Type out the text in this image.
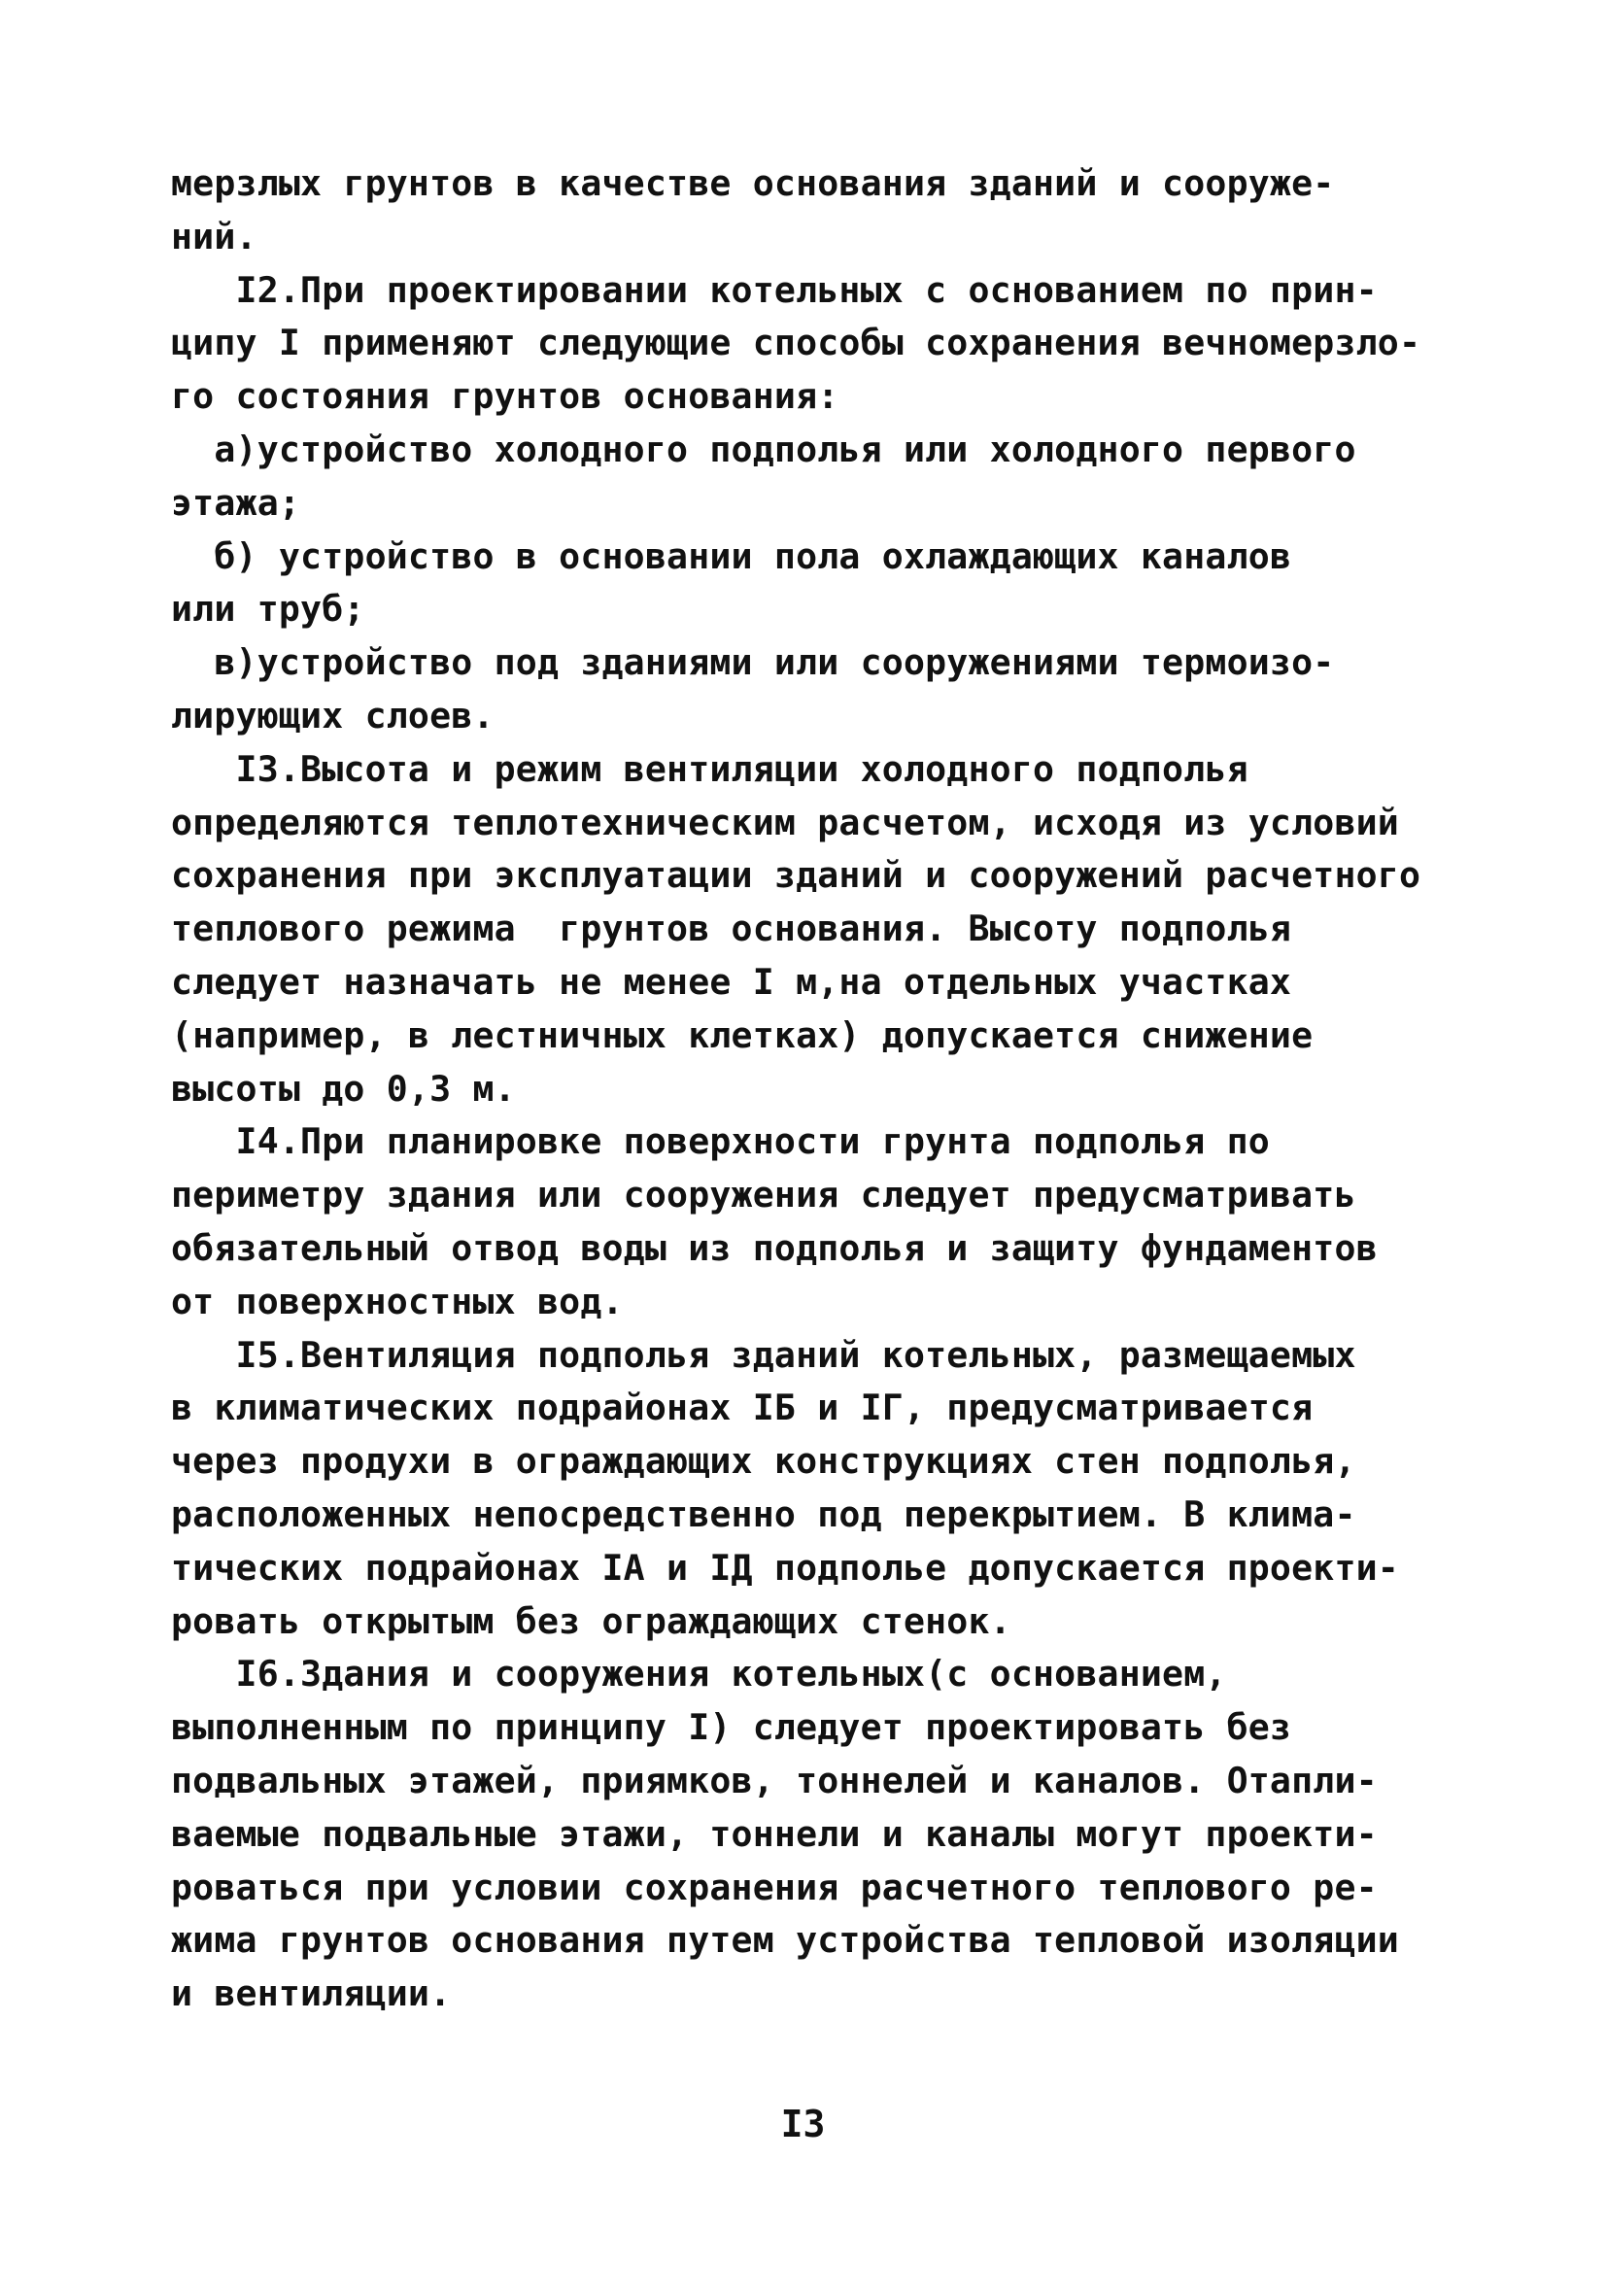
мерзлых грунтов в качестве основания зданий и сооруже-
ний.
I2.При проектировании котельных с основанием по прин-
ципу I применяют следующие способы сохранения вечномерзло-
го состояния грунтов основания:
а)устройство холодного подполья или холодного первого
этажа;
б) устройство в основании пола охлаждающих каналов
или труб;
в)устройство под зданиями или сооружениями термоизо-
лирующих слоев.
I3.Высота и режим вентиляции холодного подполья
определяются теплотехническим расчетом, исходя из условий
сохранения при эксплуатации зданий и сооружений расчетного
теплового режима  грунтов основания. Высоту подполья
следует назначать не менее I м,на отдельных участках
(например, в лестничных клетках) допускается снижение
высоты до 0,3 м.
I4.При планировке поверхности грунта подполья по
периметру здания или сооружения следует предусматривать
обязательный отвод воды из подполья и защиту фундаментов
от поверхностных вод.
I5.Вентиляция подполья зданий котельных, размещаемых
в климатических подрайонах IБ и IГ, предусматривается
через продухи в ограждающих конструкциях стен подполья,
расположенных непосредственно под перекрытием. В клима-
тических подрайонах IА и IД подполье допускается проекти-
ровать открытым без ограждающих стенок.
I6.Здания и сооружения котельных(с основанием,
выполненным по принципу I) следует проектировать без
подвальных этажей, приямков, тоннелей и каналов. Отапли-
ваемые подвальные этажи, тоннели и каналы могут проекти-
роваться при условии сохранения расчетного теплового ре-
жима грунтов основания путем устройства тепловой изоляции
и вентиляции.
I3
